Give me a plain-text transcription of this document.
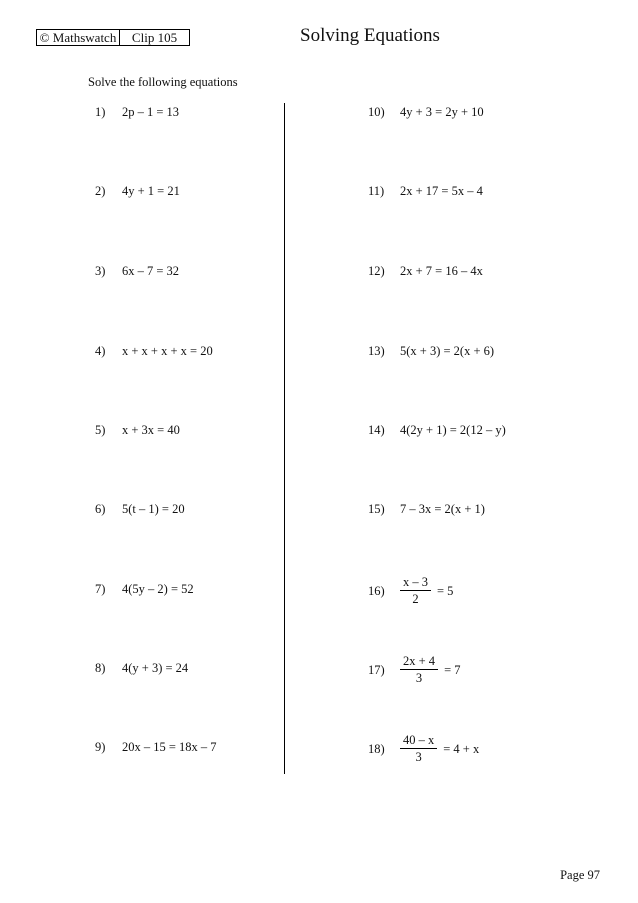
© Mathswatch	Clip 105	Solving Equations
Solve the following equations
1)	2p – 1 = 13
2)	4y + 1 = 21
3)	6x – 7 = 32
4)	x + x + x + x = 20
5)	x + 3x = 40
6)	5(t – 1) = 20
7)	4(5y – 2) = 52
8)	4(y + 3) = 24
9)	20x – 15 = 18x – 7
10)	4y + 3 = 2y + 10
11)	2x + 17 = 5x – 4
12)	2x + 7 = 16 – 4x
13)	5(x + 3) = 2(x + 6)
14)	4(2y + 1) = 2(12 – y)
15)	7 – 3x = 2(x + 1)
16)	$\frac{x - 3}{2} = 5$
17)	$\frac{2x + 4}{3} = 7$
18)	$\frac{40 - x}{3} = 4 + x$
Page 97
